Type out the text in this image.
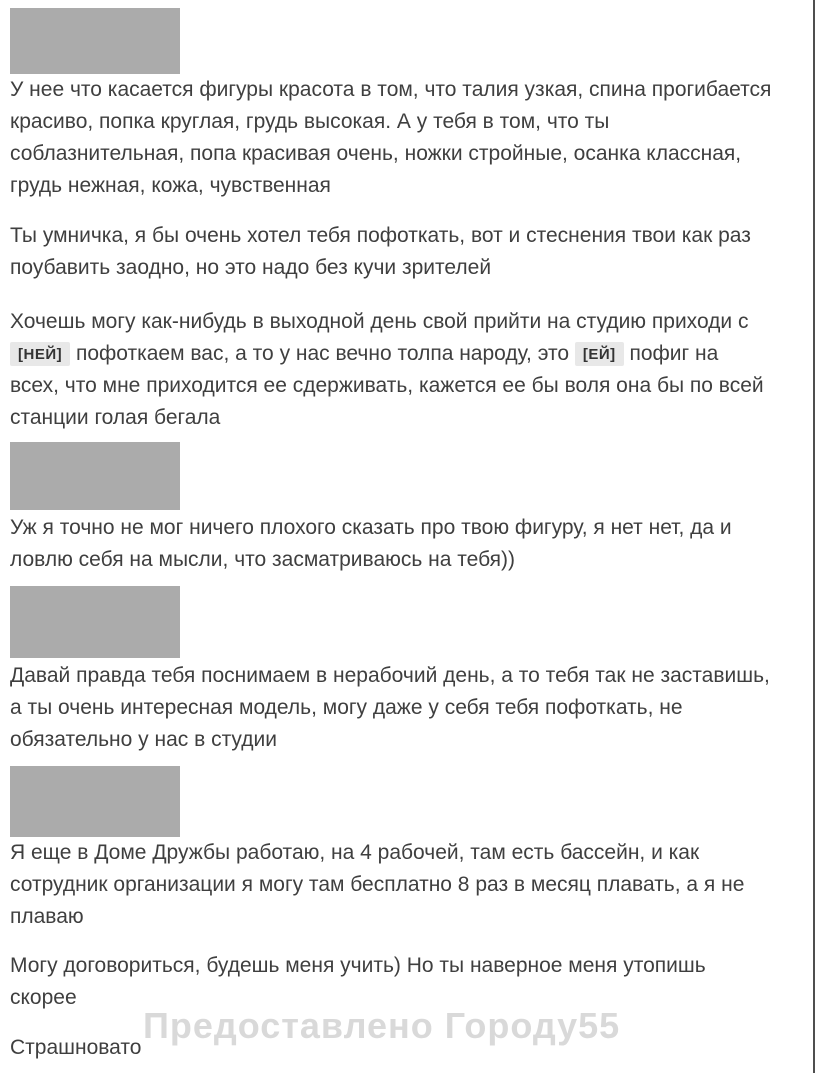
Предоставлено Городу55

У нее что касается фигуры красота в том, что талия узкая, спина прогибается красиво, попка круглая, грудь высокая. А у тебя в том, что ты соблазнительная, попа красивая очень, ножки стройные, осанка классная, грудь нежная, кожа, чувственная

Ты умничка, я бы очень хотел тебя пофоткать, вот и стеснения твои как раз поубавить заодно, но это надо без кучи зрителей

Хочешь могу как-нибудь в выходной день свой прийти на студию приходи с [НЕЙ] пофоткаем вас, а то у нас вечно толпа народу, это [ЕЙ] пофиг на всех, что мне приходится ее сдерживать, кажется ее бы воля она бы по всей станции голая бегала

Уж я точно не мог ничего плохого сказать про твою фигуру, я нет нет, да и ловлю себя на мысли, что засматриваюсь на тебя))

Давай правда тебя поснимаем в нерабочий день, а то тебя так не заставишь, а ты очень интересная модель, могу даже у себя тебя пофоткать, не обязательно у нас в студии

Я еще в Доме Дружбы работаю, на 4 рабочей, там есть бассейн, и как сотрудник организации я могу там бесплатно 8 раз в месяц плавать, а я не плаваю

Могу договориться, будешь меня учить) Но ты наверное меня утопишь скорее

Страшновато
